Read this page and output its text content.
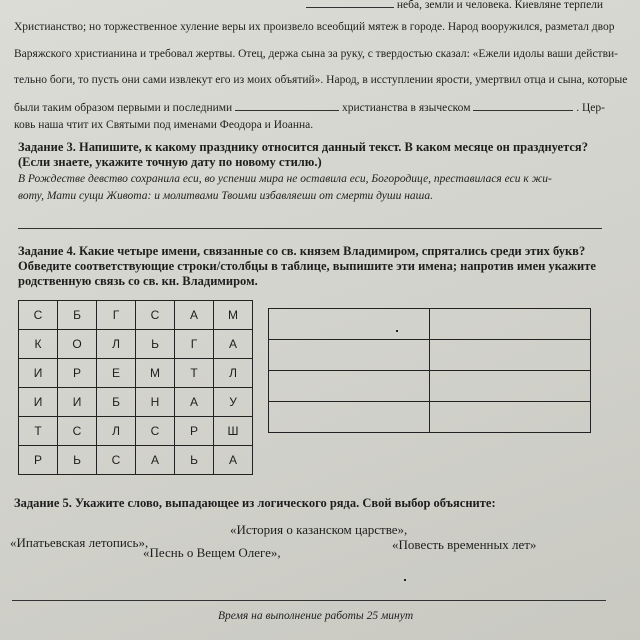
неба, земли и человека. Киевляне терпели
Христианство; но торжественное хуление веры их произвело всеобщий мятеж в городе. Народ вооружился, разметал двор
Варяжского христианина и требовал жертвы. Отец, держа сына за руку, с твердостью сказал: «Ежели идолы ваши действи-
тельно боги, то пусть они сами извлекут его из моих объятий». Народ, в исступлении ярости, умертвил отца и сына, которые
были таким образом первыми и последними	христианства в языческом	. Цер-
ковь наша чтит их Святыми под именами Феодора и Иоанна.
Задание 3. Напишите, к какому празднику относится данный текст. В каком месяце он празднуется?
(Если знаете, укажите точную дату по новому стилю.)
В Рождестве девство сохранила еси, во успении мира не оставила еси, Богородице, преставилася еси к жи-
воту, Мати сущи Живота: и молитвами Твоими избавляеши от смерти души наша.
Задание 4. Какие четыре имени, связанные со св. князем Владимиром, спрятались среди этих букв?
Обведите соответствующие строки/столбцы в таблице, выпишите эти имена; напротив имен укажите
родственную связь со св. кн. Владимиром.
С	Б	Г	С	А	М
К	О	Л	Ь	Г	А
И	Р	Е	М	Т	Л
И	И	Б	Н	А	У
Т	С	Л	С	Р	Ш
Р	Ь	С	А	Ь	А

Задание 5. Укажите слово, выпадающее из логического ряда. Свой выбор объясните:
«История о казанском царстве»,
«Ипатьевская летопись»,	«Повесть временных лет»
«Песнь о Вещем Олеге»,
Время на выполнение работы 25 минут
